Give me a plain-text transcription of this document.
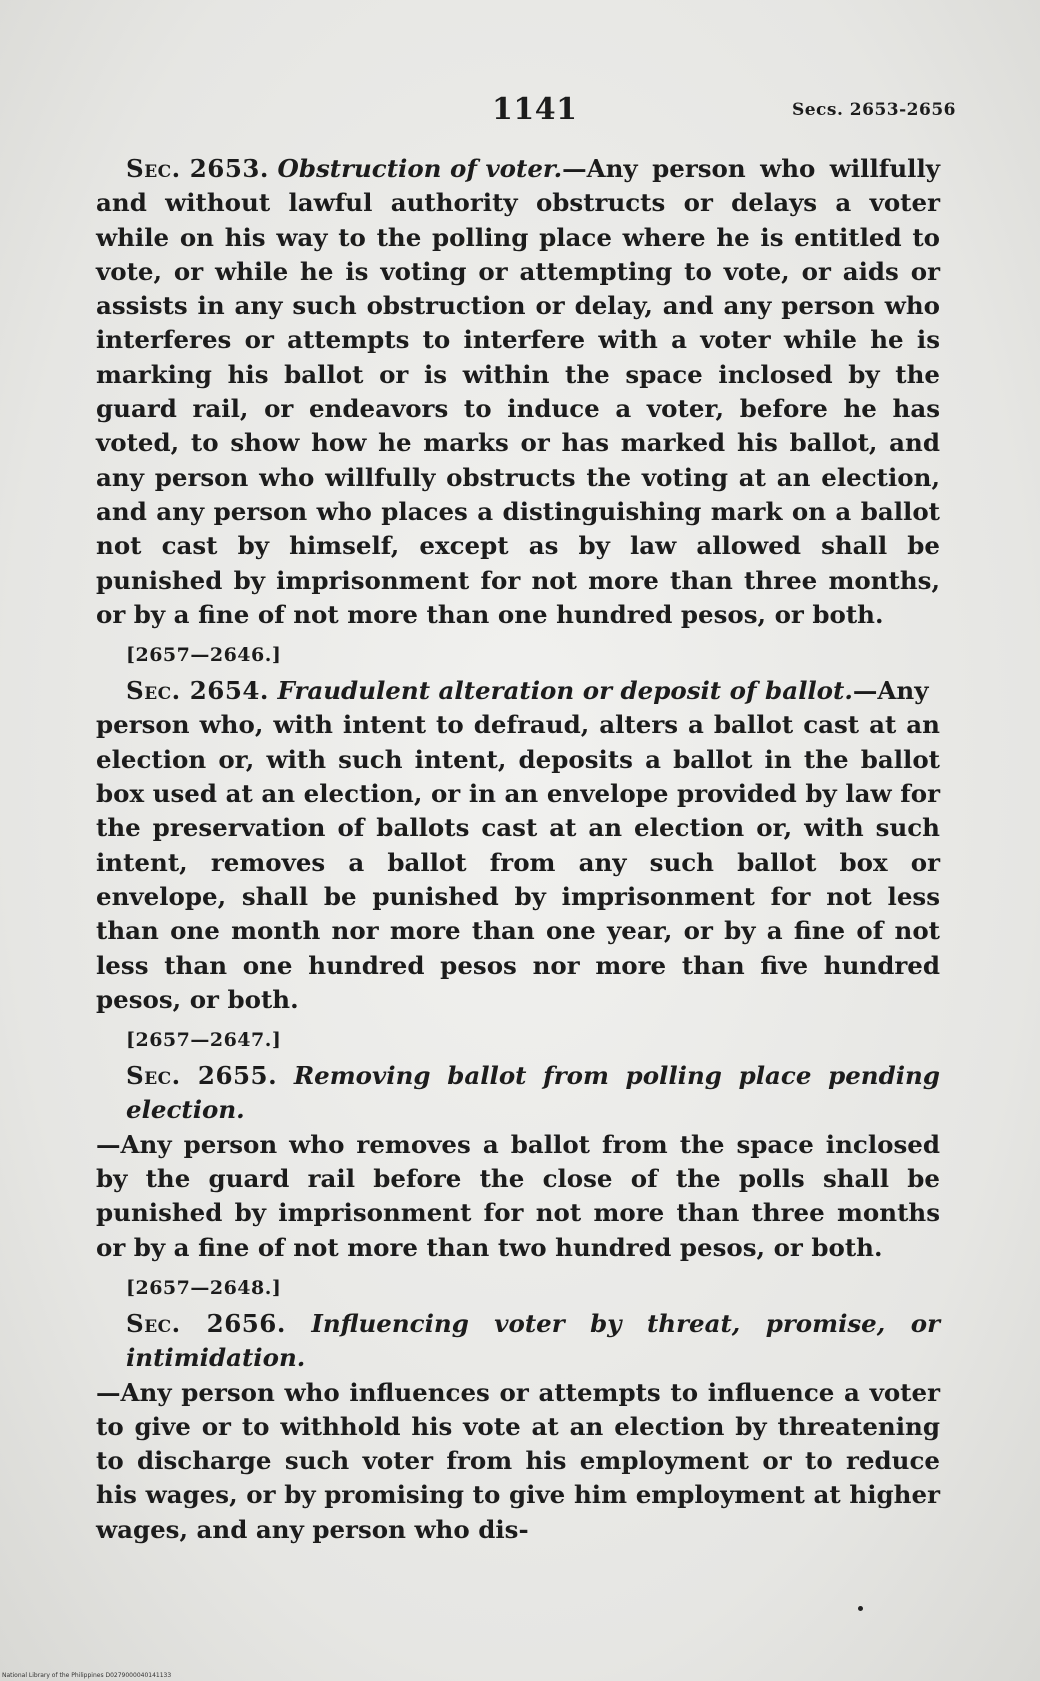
1141	Secs. 2653-2656

Sec. 2653. Obstruction of voter.—Any person who willfully and without lawful authority obstructs or delays a voter while on his way to the polling place where he is entitled to vote, or while he is voting or attempting to vote, or aids or assists in any such obstruction or delay, and any person who interferes or attempts to interfere with a voter while he is marking his ballot or is within the space inclosed by the guard rail, or endeavors to induce a voter, before he has voted, to show how he marks or has marked his ballot, and any person who willfully obstructs the voting at an election, and any person who places a distinguishing mark on a ballot not cast by himself, except as by law allowed shall be punished by imprisonment for not more than three months, or by a fine of not more than one hundred pesos, or both.

[2657—2646.]

Sec. 2654. Fraudulent alteration or deposit of ballot.—Any person who, with intent to defraud, alters a ballot cast at an election or, with such intent, deposits a ballot in the ballot box used at an election, or in an envelope provided by law for the preservation of ballots cast at an election or, with such intent, removes a ballot from any such ballot box or envelope, shall be punished by imprisonment for not less than one month nor more than one year, or by a fine of not less than one hundred pesos nor more than five hundred pesos, or both.

[2657—2647.]

Sec. 2655. Removing ballot from polling place pending election.—Any person who removes a ballot from the space inclosed by the guard rail before the close of the polls shall be punished by imprisonment for not more than three months or by a fine of not more than two hundred pesos, or both.

[2657—2648.]

Sec. 2656. Influencing voter by threat, promise, or intimidation.—Any person who influences or attempts to influence a voter to give or to withhold his vote at an election by threatening to discharge such voter from his employment or to reduce his wages, or by promising to give him employment at higher wages, and any person who dis-

National Library of the Philippines D0279000040141133
